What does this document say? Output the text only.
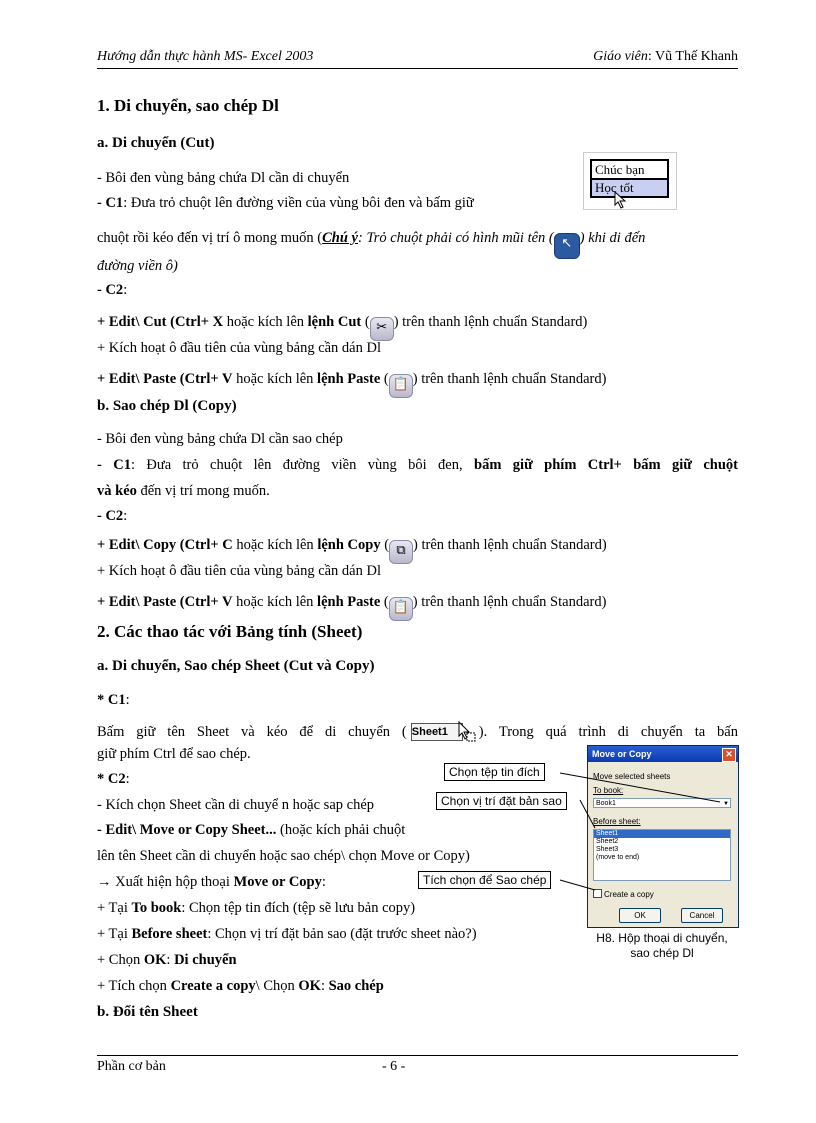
Hướng dẫn thực hành MS- Excel 2003	Giáo viên: Vũ Thế Khanh
1. Di chuyển, sao chép Dl
a. Di chuyển (Cut)
Chúc bạn
Học tốt
- Bôi đen vùng bảng chứa Dl cần di chuyển
- C1: Đưa trỏ chuột lên đường viền của vùng bôi đen và bấm giữ
chuột rồi kéo đến vị trí ô mong muốn (Chú ý: Trỏ chuột phải có hình mũi tên ( ↖ ) khi di đến
đường viền ô)
- C2:
+ Edit\ Cut (Ctrl+ X hoặc kích lên lệnh Cut ( ✂ ) trên thanh lệnh chuẩn Standard)
+ Kích hoạt ô đầu tiên của vùng bảng cần dán Dl
+ Edit\ Paste (Ctrl+ V hoặc kích lên lệnh Paste ( 📋 ) trên thanh lệnh chuẩn Standard)
b. Sao chép Dl (Copy)
- Bôi đen vùng bảng chứa Dl cần sao chép
- C1: Đưa trỏ chuột lên đường viền vùng bôi đen, bấm giữ phím Ctrl+ bấm giữ chuột
và kéo đến vị trí mong muốn.
- C2:
+ Edit\ Copy (Ctrl+ C hoặc kích lên lệnh Copy ( ⧉ ) trên thanh lệnh chuẩn Standard)
+ Kích hoạt ô đầu tiên của vùng bảng cần dán Dl
+ Edit\ Paste (Ctrl+ V hoặc kích lên lệnh Paste ( 📋 ) trên thanh lệnh chuẩn Standard)
2. Các thao tác với Bảng tính (Sheet)
a. Di chuyển, Sao chép Sheet (Cut và Copy)
* C1:
Bấm giữ tên Sheet và kéo để di chuyển ( Sheet1	). Trong quá trình di chuyển ta bấn
giữ phím Ctrl để sao chép.
* C2:
- Kích chọn Sheet cần di chuyể n hoặc sap chép
- Edit\ Move or Copy Sheet... (hoặc kích phải chuột
lên tên Sheet cần di chuyển hoặc sao chép\ chọn Move or Copy)
→ Xuất hiện hộp thoại Move or Copy:
+ Tại To book: Chọn tệp tin đích (tệp sẽ lưu bản copy)
+ Tại Before sheet: Chọn vị trí đặt bản sao (đặt trước sheet nào?)
+ Chọn OK: Di chuyển
+ Tích chọn Create a copy\ Chọn OK: Sao chép
b. Đổi tên Sheet
Move or Copy	✕
Move selected sheets
To book:
Book1	▼
Before sheet:
Sheet1
Sheet2
Sheet3
(move to end)
Create a copy
OK	Cancel
Chọn tệp tin đích
Chọn vị trí đặt bản sao
Tích chọn để Sao chép
H8. Hộp thoại di chuyển,
sao chép Dl
Phần cơ bản	- 6 -
